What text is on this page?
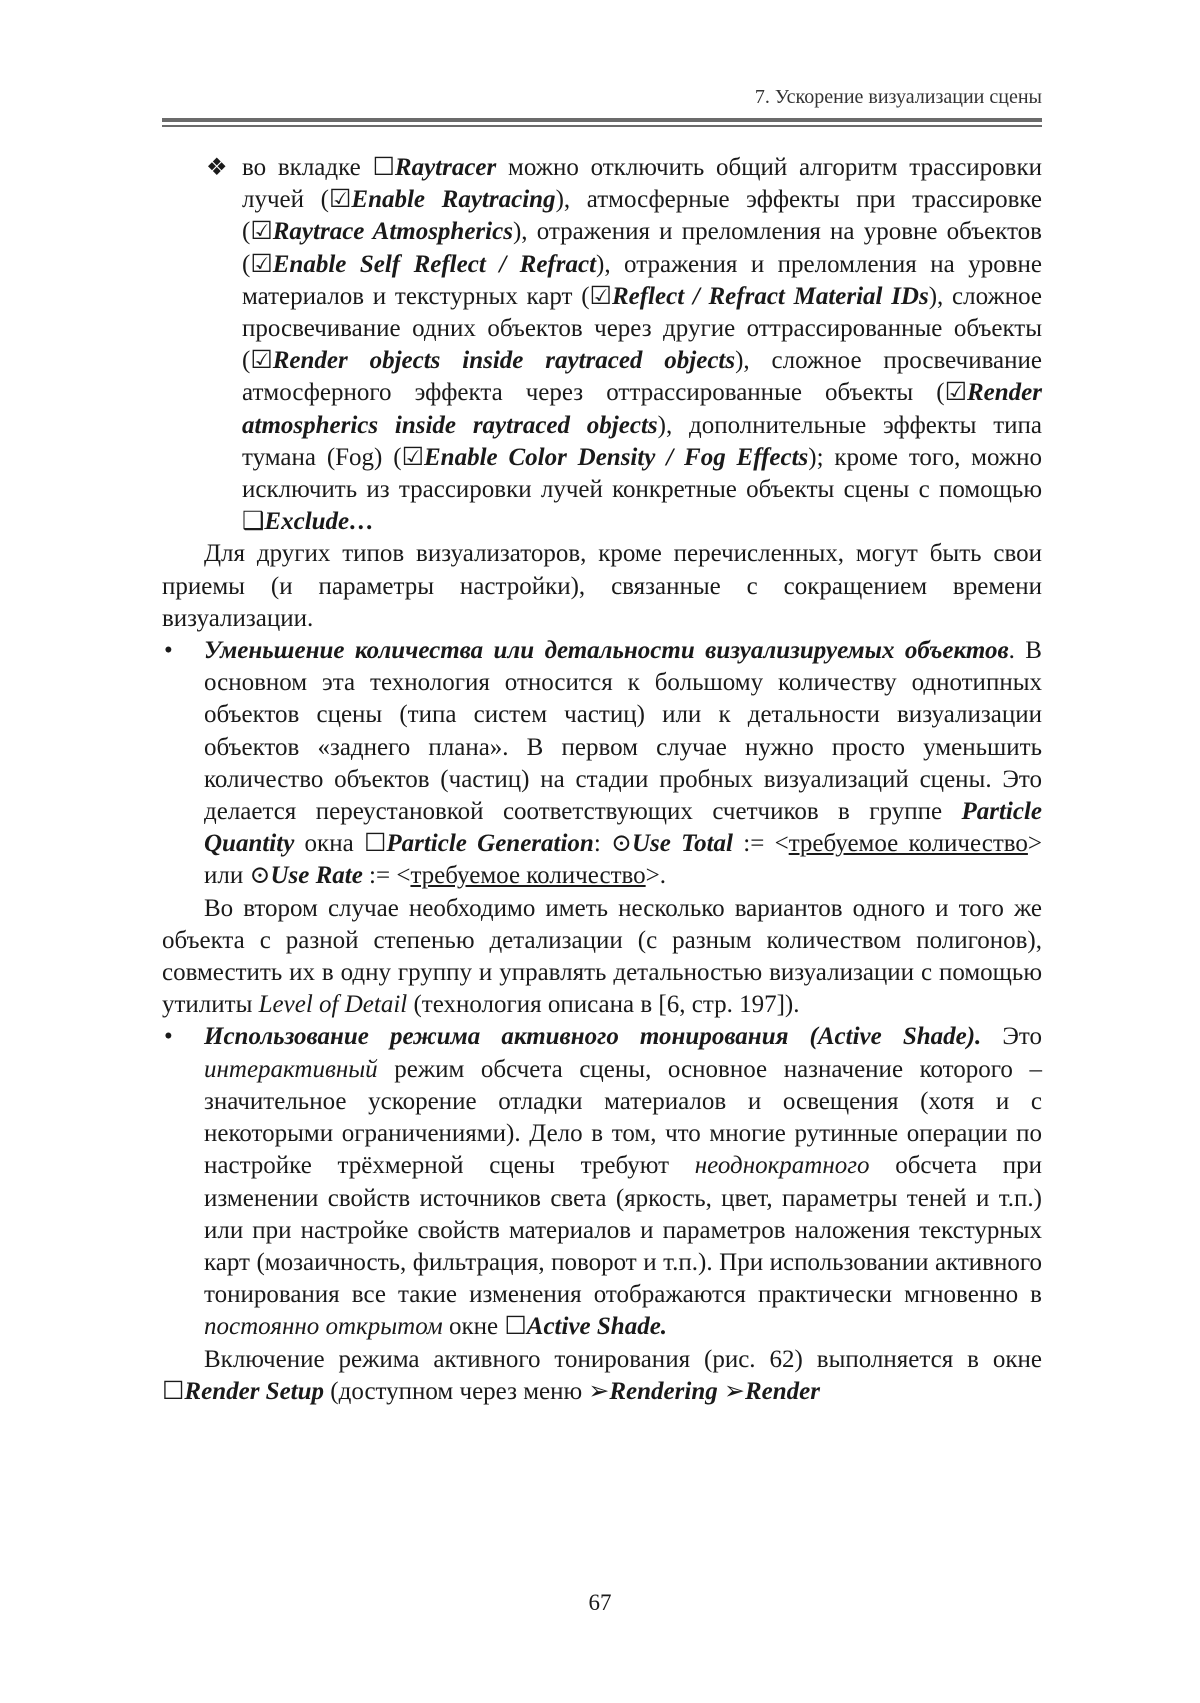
7. Ускорение визуализации сцены

❖ во вкладке ☐Raytracer можно отключить общий алгоритм трассировки лучей (☑Enable Raytracing), атмосферные эффекты при трассировке (☑Raytrace Atmospherics), отражения и преломления на уровне объектов (☑Enable Self Reflect / Refract), отражения и преломления на уровне материалов и текстурных карт (☑Reflect / Refract Material IDs), сложное просвечивание одних объектов через другие оттрассированные объекты (☑Render objects inside raytraced objects), сложное просвечивание атмосферного эффекта через оттрассированные объекты (☑Render atmospherics inside raytraced objects), дополнительные эффекты типа тумана (Fog) (☑Enable Color Density / Fog Effects); кроме того, можно исключить из трассировки лучей конкретные объекты сцены с помощью ❑Exclude…

Для других типов визуализаторов, кроме перечисленных, могут быть свои приемы (и параметры настройки), связанные с сокращением времени визуализации.

• Уменьшение количества или детальности визуализируемых объектов. В основном эта технология относится к большому количеству однотипных объектов сцены (типа систем частиц) или к детальности визуализации объектов «заднего плана». В первом случае нужно просто уменьшить количество объектов (частиц) на стадии пробных визуализаций сцены. Это делается переустановкой соответствующих счетчиков в группе Particle Quantity окна ☐Particle Generation: ⊙Use Total := <требуемое количество> или ⊙Use Rate := <требуемое количество>.

Во втором случае необходимо иметь несколько вариантов одного и того же объекта с разной степенью детализации (с разным количеством полигонов), совместить их в одну группу и управлять детальностью визуализации с помощью утилиты Level of Detail (технология описана в [6, стр. 197]).

• Использование режима активного тонирования (Active Shade). Это интерактивный режим обсчета сцены, основное назначение которого – значительное ускорение отладки материалов и освещения (хотя и с некоторыми ограничениями). Дело в том, что многие рутинные операции по настройке трёхмерной сцены требуют неоднократного обсчета при изменении свойств источников света (яркость, цвет, параметры теней и т.п.) или при настройке свойств материалов и параметров наложения текстурных карт (мозаичность, фильтрация, поворот и т.п.). При использовании активного тонирования все такие изменения отображаются практически мгновенно в постоянно открытом окне ☐Active Shade.

Включение режима активного тонирования (рис. 62) выполняется в окне ☐Render Setup (доступном через меню ➢Rendering ➢Render

67
